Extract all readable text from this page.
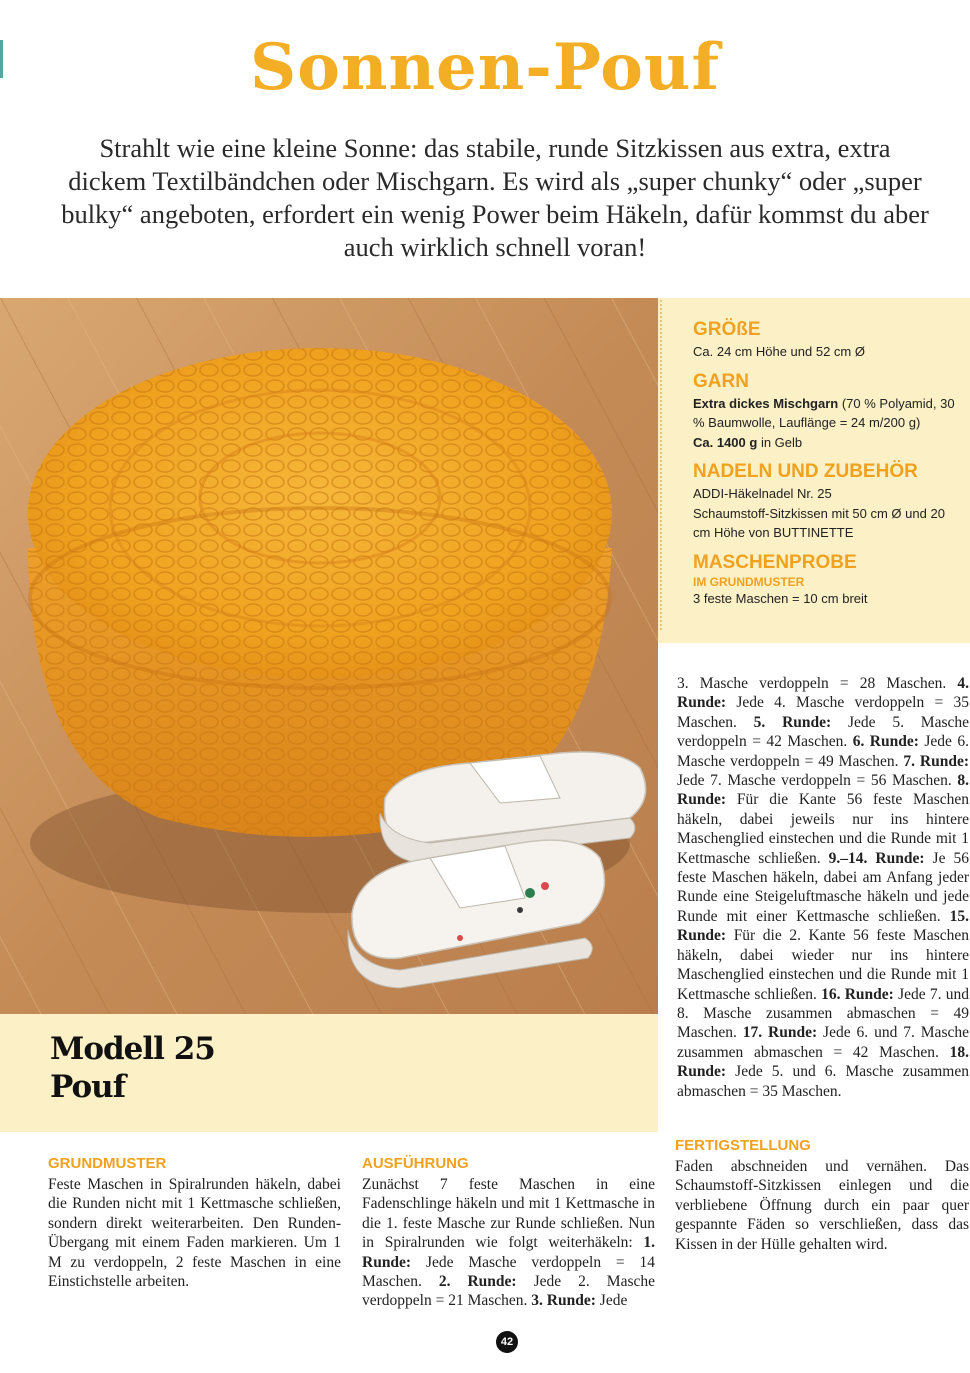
Sonnen-Pouf
Strahlt wie eine kleine Sonne: das stabile, runde Sitzkissen aus extra, extra dickem Textilbändchen oder Mischgarn. Es wird als „super chunky“ oder „super bulky“ angeboten, erfordert ein wenig Power beim Häkeln, dafür kommst du aber auch wirklich schnell voran!
GRÖßE
Ca. 24 cm Höhe und 52 cm Ø
GARN
Extra dickes Mischgarn (70 % Polyamid, 30 % Baumwolle, Lauflänge = 24 m/200 g)
Ca. 1400 g in Gelb
NADELN UND ZUBEHÖR
ADDI-Häkelnadel Nr. 25
Schaumstoff-Sitzkissen mit 50 cm Ø und 20 cm Höhe von BUTTINETTE
MASCHENPROBE
IM GRUNDMUSTER
3 feste Maschen = 10 cm breit
Modell 25
Pouf
GRUNDMUSTER
Feste Maschen in Spiralrunden häkeln, dabei die Runden nicht mit 1 Kettmasche schließen, sondern direkt weiterarbeiten. Den Runden-Übergang mit einem Faden markieren. Um 1 M zu verdoppeln, 2 feste Maschen in eine Einstichstelle arbeiten.
AUSFÜHRUNG
Zunächst 7 feste Maschen in eine Fadenschlinge häkeln und mit 1 Kettmasche in die 1. feste Masche zur Runde schließen. Nun in Spiralrunden wie folgt weiterhäkeln: 1. Runde: Jede Masche verdoppeln = 14 Maschen. 2. Runde: Jede 2. Masche verdoppeln = 21 Maschen. 3. Runde: Jede
3. Masche verdoppeln = 28 Maschen. 4. Runde: Jede 4. Masche verdoppeln = 35 Maschen. 5. Runde: Jede 5. Masche verdoppeln = 42 Maschen. 6. Runde: Jede 6. Masche verdoppeln = 49 Maschen. 7. Runde: Jede 7. Masche verdoppeln = 56 Maschen. 8. Runde: Für die Kante 56 feste Maschen häkeln, dabei jeweils nur ins hintere Maschenglied einstechen und die Runde mit 1 Kettmasche schließen. 9.–14. Runde: Je 56 feste Maschen häkeln, dabei am Anfang jeder Runde eine Steigeluftmasche häkeln und jede Runde mit einer Kettmasche schließen. 15. Runde: Für die 2. Kante 56 feste Maschen häkeln, dabei wieder nur ins hintere Maschenglied einstechen und die Runde mit 1 Kettmasche schließen. 16. Runde: Jede 7. und 8. Masche zusammen abmaschen = 49 Maschen. 17. Runde: Jede 6. und 7. Masche zusammen abmaschen = 42 Maschen. 18. Runde: Jede 5. und 6. Masche zusammen abmaschen = 35 Maschen.
FERTIGSTELLUNG
Faden abschneiden und vernähen. Das Schaumstoff-Sitzkissen einlegen und die verbliebene Öffnung durch ein paar quer gespannte Fäden so verschließen, dass das Kissen in der Hülle gehalten wird.
42
